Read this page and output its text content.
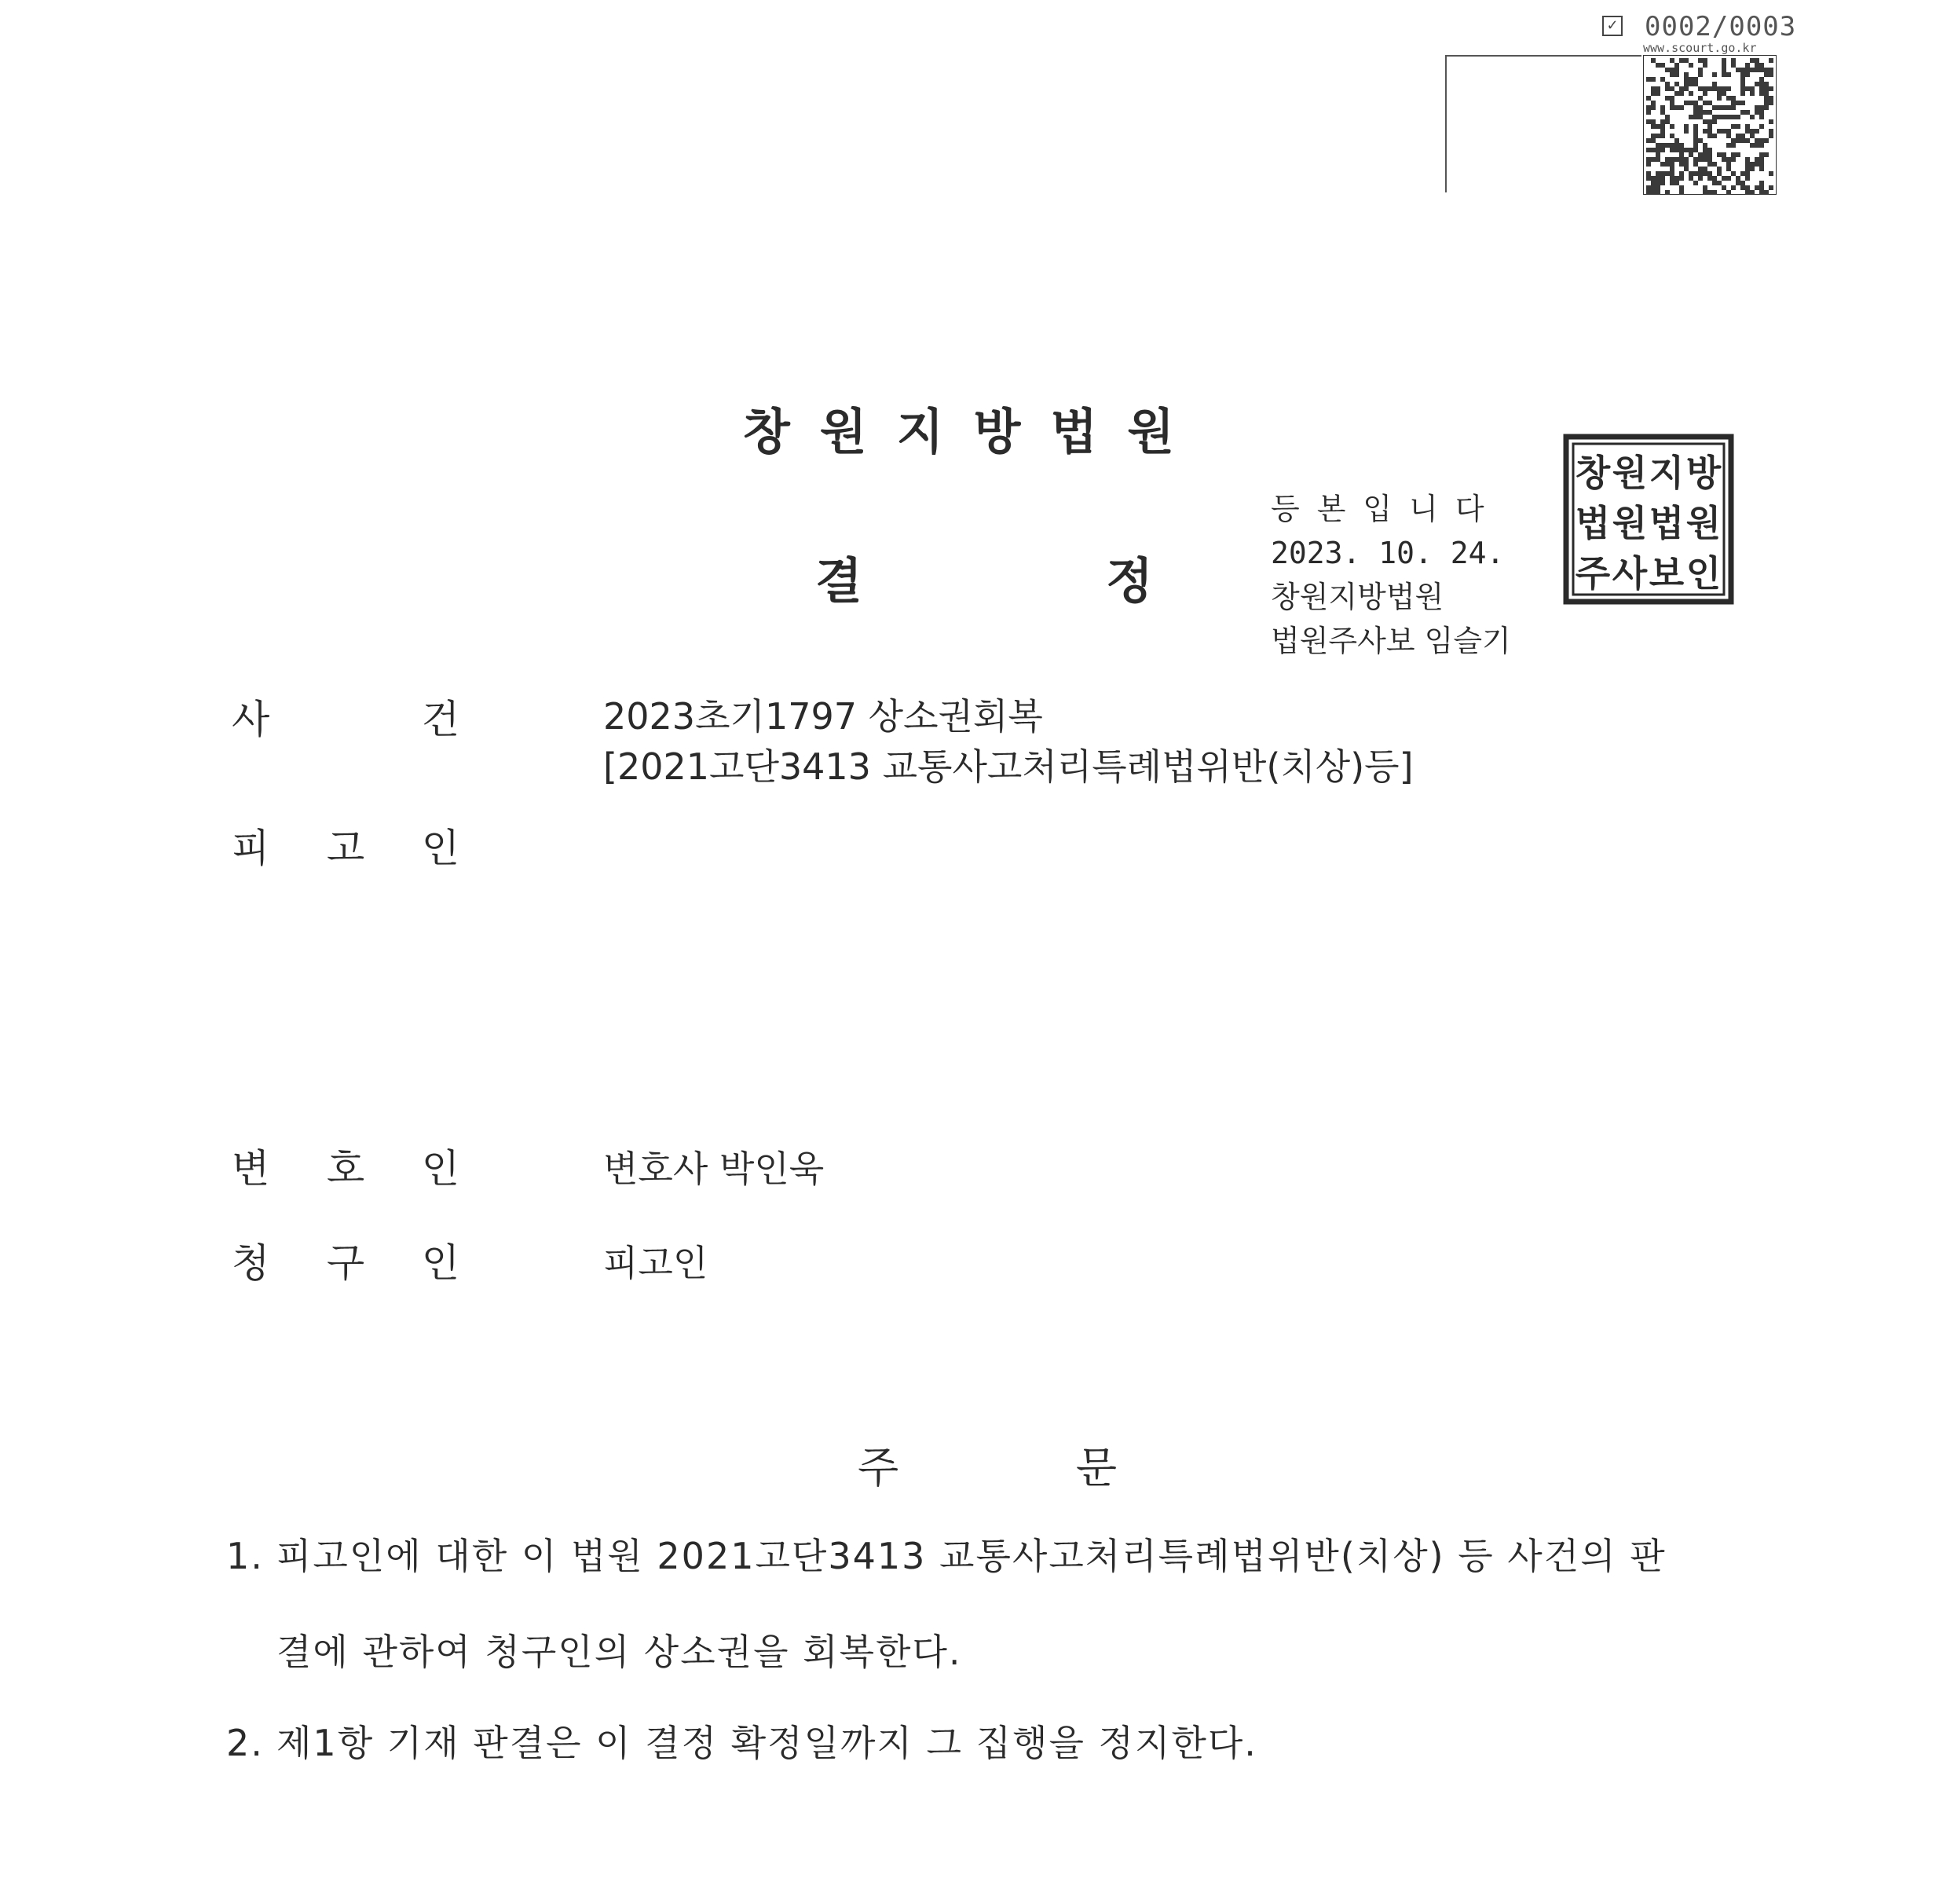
✓ 0002/0003
www.scourt.go.kr
창원지방법원
결	정
등본입니다
2023. 10. 24.
창원지방법원
법원주사보 임슬기
창 원 지 방
법 원 법 원
주 사 보 인
사	건	2023초기1797 상소권회복
[2021고단3413 교통사고처리특례법위반(치상)등]
피 고 인
변 호 인	변호사 박인욱
청 구 인	피고인
주	문
1. 피고인에 대한 이 법원 2021고단3413 교통사고처리특례법위반(치상) 등 사건의 판
결에 관하여 청구인의 상소권을 회복한다.
2. 제1항 기재 판결은 이 결정 확정일까지 그 집행을 정지한다.
